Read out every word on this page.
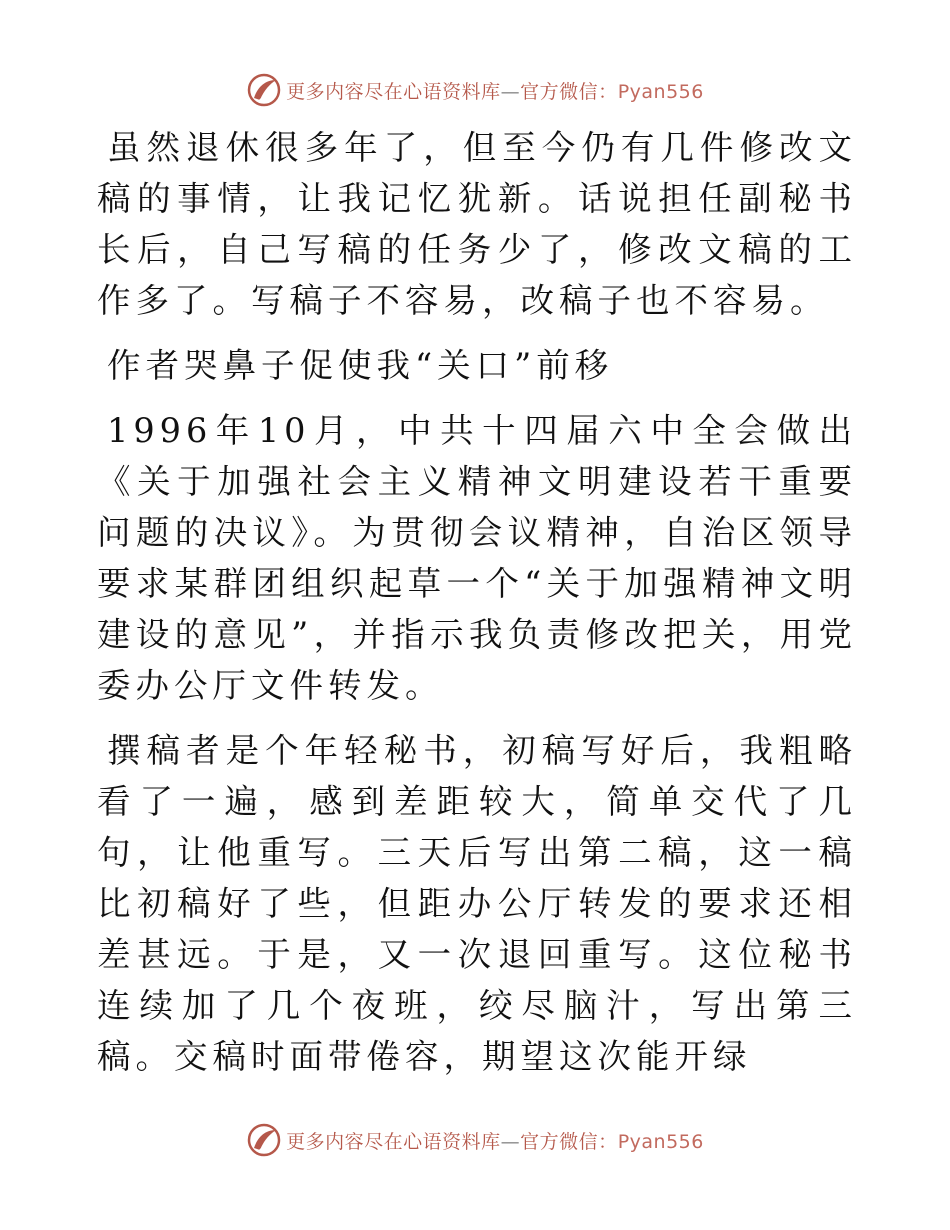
更多内容尽在心语资料库—官方微信：Pyan556

虽然退休很多年了，但至今仍有几件修改文稿的事情，让我记忆犹新。话说担任副秘书长后，自己写稿的任务少了，修改文稿的工作多了。写稿子不容易，改稿子也不容易。

作者哭鼻子促使我“关口”前移

1996年10月，中共十四届六中全会做出《关于加强社会主义精神文明建设若干重要问题的决议》。为贯彻会议精神，自治区领导要求某群团组织起草一个“关于加强精神文明建设的意见”，并指示我负责修改把关，用党委办公厅文件转发。

撰稿者是个年轻秘书，初稿写好后，我粗略看了一遍，感到差距较大，简单交代了几句，让他重写。三天后写出第二稿，这一稿比初稿好了些，但距办公厅转发的要求还相差甚远。于是，又一次退回重写。这位秘书连续加了几个夜班，绞尽脑汁，写出第三稿。交稿时面带倦容，期望这次能开绿

更多内容尽在心语资料库—官方微信：Pyan556
